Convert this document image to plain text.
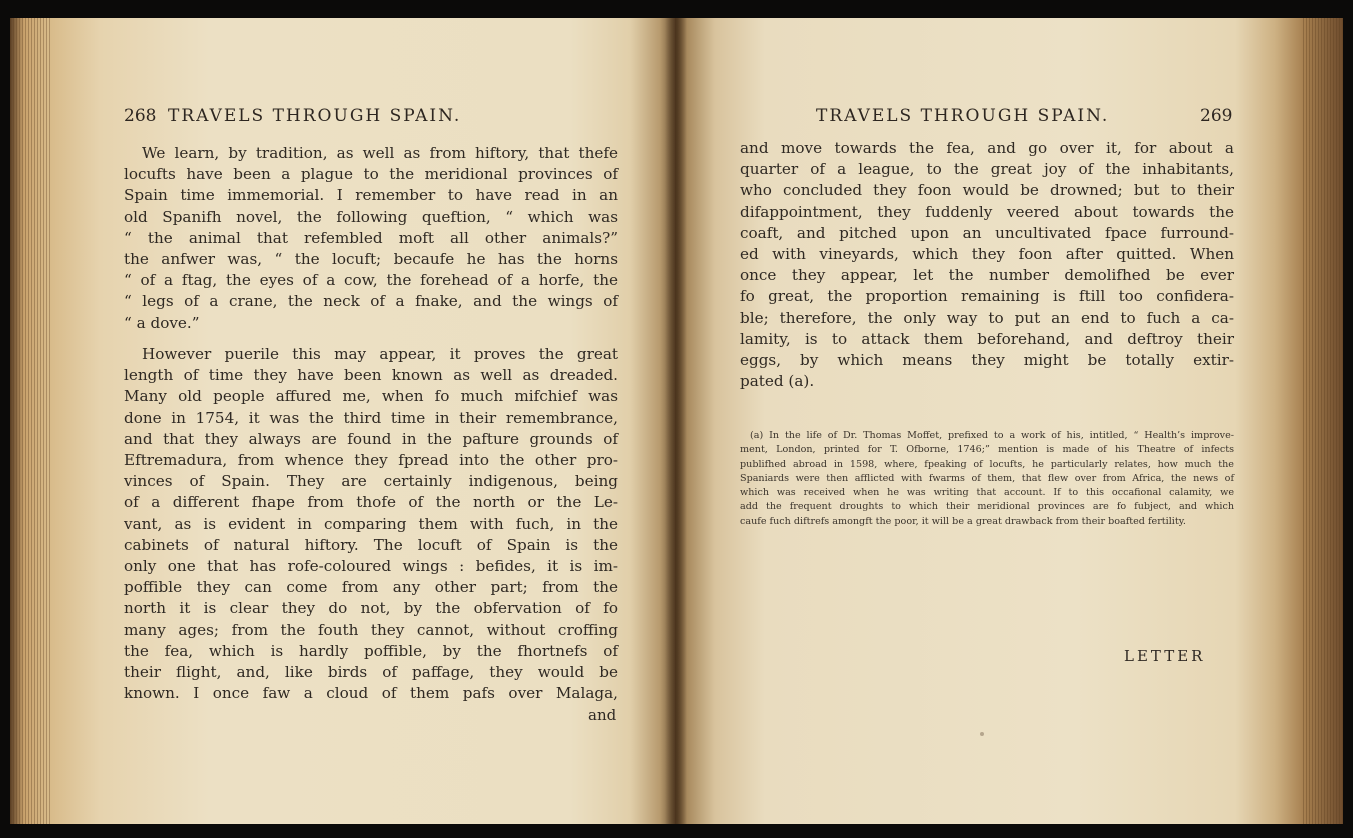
268 TRAVELS THROUGH SPAIN.
We learn, by tradition, as well as from hiftory, that thefe
locufts have been a plague to the meridional provinces of
Spain time immemorial. I remember to have read in an
old Spanifh novel, the following queftion, “ which was
“ the animal that refembled moft all other animals?”
the anfwer was, “ the locuft; becaufe he has the horns
“ of a ftag, the eyes of a cow, the forehead of a horfe, the
“ legs of a crane, the neck of a fnake, and the wings of
“ a dove.”
However puerile this may appear, it proves the great
length of time they have been known as well as dreaded.
Many old people affured me, when fo much mifchief was
done in 1754, it was the third time in their remembrance,
and that they always are found in the pafture grounds of
Eftremadura, from whence they fpread into the other pro-
vinces of Spain. They are certainly indigenous, being
of a different fhape from thofe of the north or the Le-
vant, as is evident in comparing them with fuch, in the
cabinets of natural hiftory. The locuft of Spain is the
only one that has rofe-coloured wings : befides, it is im-
poffible they can come from any other part; from the
north it is clear they do not, by the obfervation of fo
many ages; from the fouth they cannot, without croffing
the fea, which is hardly poffible, by the fhortnefs of
their flight, and, like birds of paffage, they would be
known. I once faw a cloud of them pafs over Malaga,
and
TRAVELS THROUGH SPAIN.	269
and move towards the fea, and go over it, for about a
quarter of a league, to the great joy of the inhabitants,
who concluded they foon would be drowned; but to their
difappointment, they fuddenly veered about towards the
coaft, and pitched upon an uncultivated fpace furround-
ed with vineyards, which they foon after quitted. When
once they appear, let the number demolifhed be ever
fo great, the proportion remaining is ftill too confidera-
ble; therefore, the only way to put an end to fuch a ca-
lamity, is to attack them beforehand, and deftroy their
eggs, by which means they might be totally extir-
pated (a).
(a) In the life of Dr. Thomas Moffet, prefixed to a work of his, intitled, “ Health’s improve-
ment, London, printed for T. Ofborne, 1746;” mention is made of his Theatre of infects
publifhed abroad in 1598, where, fpeaking of locufts, he particularly relates, how much the
Spaniards were then afflicted with fwarms of them, that flew over from Africa, the news of
which was received when he was writing that account. If to this occafional calamity, we
add the frequent droughts to which their meridional provinces are fo fubject, and which
caufe fuch diftrefs amongft the poor, it will be a great drawback from their boafted fertility.
LETTER
